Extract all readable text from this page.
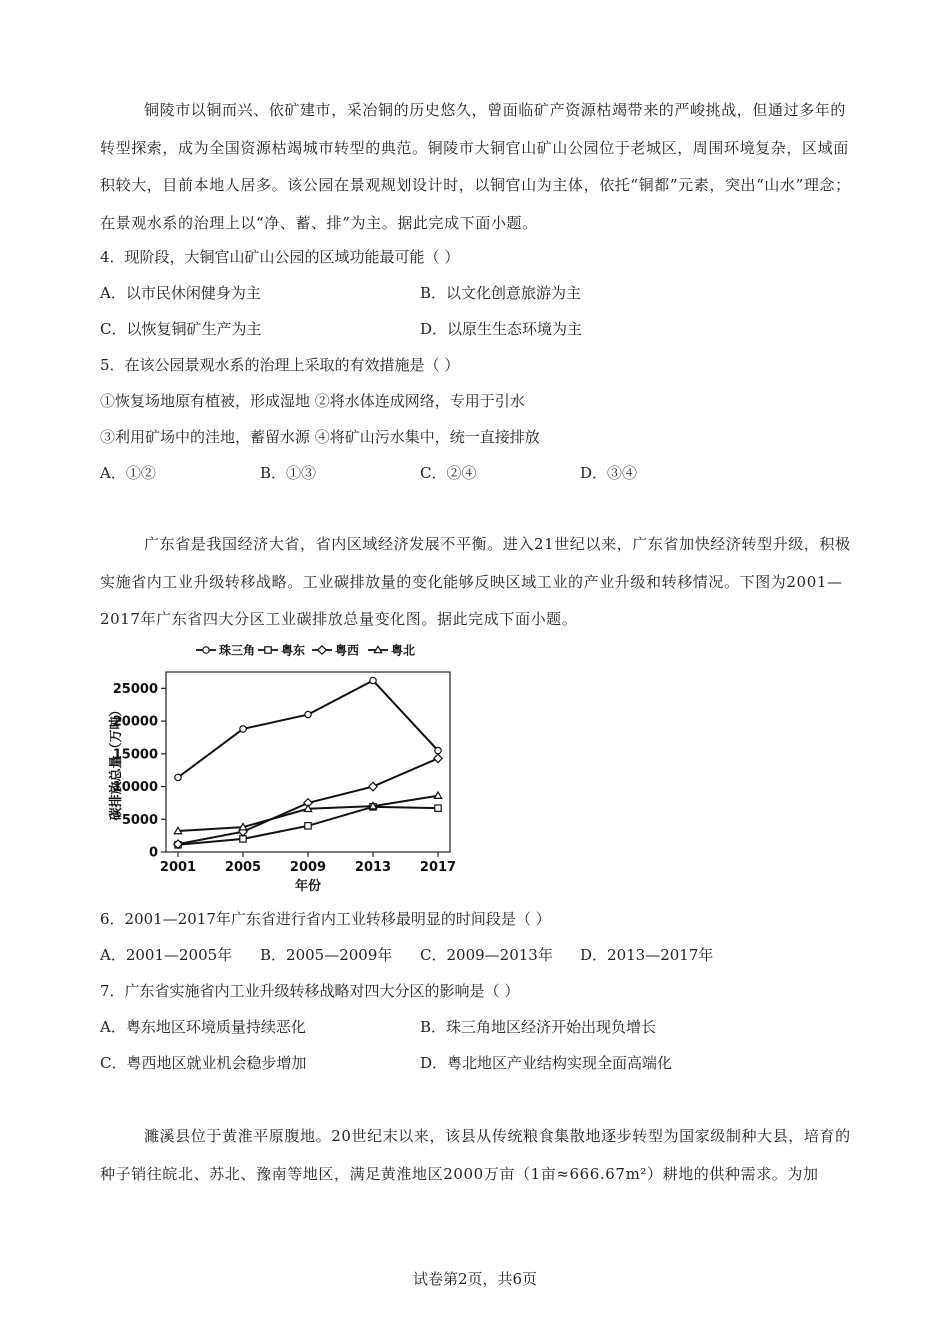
铜陵市以铜而兴、依矿建市，采冶铜的历史悠久，曾面临矿产资源枯竭带来的严峻挑战，但通过多年的转型探索，成为全国资源枯竭城市转型的典范。铜陵市大铜官山矿山公园位于老城区，周围环境复杂，区域面积较大，目前本地人居多。该公园在景观规划设计时，以铜官山为主体，依托“铜都”元素，突出“山水”理念；在景观水系的治理上以“净、蓄、排”为主。据此完成下面小题。

4．现阶段，大铜官山矿山公园的区域功能最可能（ ）
A．以市民休闲健身为主	B．以文化创意旅游为主
C．以恢复铜矿生产为主	D．以原生生态环境为主
5．在该公园景观水系的治理上采取的有效措施是（ ）
①恢复场地原有植被，形成湿地 ②将水体连成网络，专用于引水
③利用矿场中的洼地，蓄留水源 ④将矿山污水集中，统一直接排放
A．①②	B．①③	C．②④	D．③④

广东省是我国经济大省，省内区域经济发展不平衡。进入21世纪以来，广东省加快经济转型升级，积极实施省内工业升级转移战略。工业碳排放量的变化能够反映区域工业的产业升级和转移情况。下图为2001—2017年广东省四大分区工业碳排放总量变化图。据此完成下面小题。

0
5000
10000
15000
20000
25000
2001 2005 2009 2013 2017
年份
碳排放总量（万吨）
珠三角 粤东 粤西	粤北
6．2001—2017年广东省进行省内工业转移最明显的时间段是（ ）
A．2001—2005年 B．2005—2009年 C．2009—2013年 D．2013—2017年
7．广东省实施省内工业升级转移战略对四大分区的影响是（ ）
A．粤东地区环境质量持续恶化	B．珠三角地区经济开始出现负增长
C．粤西地区就业机会稳步增加	D．粤北地区产业结构实现全面高端化

濉溪县位于黄淮平原腹地。20世纪末以来，该县从传统粮食集散地逐步转型为国家级制种大县，培育的种子销往皖北、苏北、豫南等地区，满足黄淮地区2000万亩（1亩≈666.67m²）耕地的供种需求。为加

试卷第2页，共6页
